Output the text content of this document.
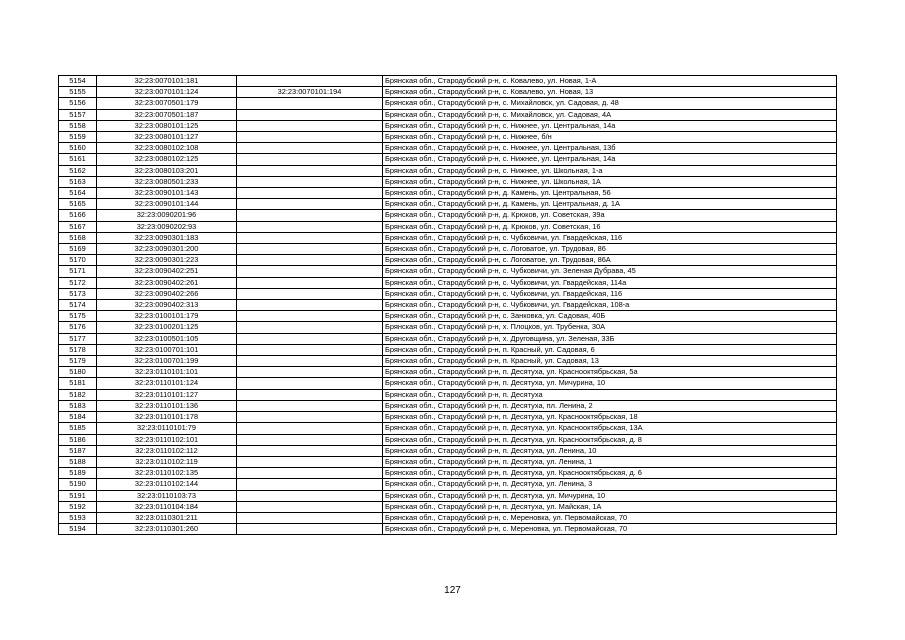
5154	32:23:0070101:181		Брянская обл., Стародубский р-н, с. Ковалево, ул. Новая, 1-А
5155	32:23:0070101:124	32:23:0070101:194	Брянская обл., Стародубский р-н, с. Ковалево, ул. Новая, 13
5156	32:23:0070501:179		Брянская обл., Стародубский р-н, с. Михайловск, ул. Садовая, д. 48
5157	32:23:0070501:187		Брянская обл., Стародубский р-н, с. Михайловск, ул. Садовая, 4А
5158	32:23:0080101:125		Брянская обл., Стародубский р-н, с. Нижнее, ул. Центральная, 14а
5159	32:23:0080101:127		Брянская обл., Стародубский р-н, с. Нижнее, б/н
5160	32:23:0080102:108		Брянская обл., Стародубский р-н, с. Нижнее, ул. Центральная, 13б
5161	32:23:0080102:125		Брянская обл., Стародубский р-н, с. Нижнее, ул. Центральная, 14а
5162	32:23:0080103:201		Брянская обл., Стародубский р-н, с. Нижнее, ул. Школьная, 1-а
5163	32:23:0080501:233		Брянская обл., Стародубский р-н, с. Нижнее, ул. Школьная, 1А
5164	32:23:0090101:143		Брянская обл., Стародубский р-н, д. Камень, ул. Центральная, 56
5165	32:23:0090101:144		Брянская обл., Стародубский р-н, д. Камень, ул. Центральная, д. 1А
5166	32:23:0090201:96		Брянская обл., Стародубский р-н, д. Крюков, ул. Советская, 39а
5167	32:23:0090202:93		Брянская обл., Стародубский р-н, д. Крюков, ул. Советская, 16
5168	32:23:0090301:183		Брянская обл., Стародубский р-н, с. Чубковичи, ул. Гвардейская, 116
5169	32:23:0090301:200		Брянская обл., Стародубский р-н, с. Логоватое, ул. Трудовая, 86
5170	32:23:0090301:223		Брянская обл., Стародубский р-н, с. Логоватое, ул. Трудовая, 86А
5171	32:23:0090402:251		Брянская обл., Стародубский р-н, с. Чубковичи, ул. Зеленая Дубрава, 45
5172	32:23:0090402:261		Брянская обл., Стародубский р-н, с. Чубковичи, ул. Гвардейская, 114а
5173	32:23:0090402:266		Брянская обл., Стародубский р-н, с. Чубковичи, ул. Гвардейская, 116
5174	32:23:0090402:313		Брянская обл., Стародубский р-н, с. Чубковичи, ул. Гвардейская, 108-а
5175	32:23:0100101:179		Брянская обл., Стародубский р-н, с. Занковка, ул. Садовая, 40Б
5176	32:23:0100201:125		Брянская обл., Стародубский р-н, х. Плоцков, ул. Трубенка, 30А
5177	32:23:0100501:105		Брянская обл., Стародубский р-н, х. Друговщина, ул. Зеленая, 33Б
5178	32:23:0100701:101		Брянская обл., Стародубский р-н, п. Красный, ул. Садовая, 6
5179	32:23:0100701:199		Брянская обл., Стародубский р-н, п. Красный, ул. Садовая, 13
5180	32:23:0110101:101		Брянская обл., Стародубский р-н, п. Десятуха, ул. Краснооктябрьская, 5а
5181	32:23:0110101:124		Брянская обл., Стародубский р-н, п. Десятуха, ул. Мичурина, 10
5182	32:23:0110101:127		Брянская обл., Стародубский р-н, п. Десятуха
5183	32:23:0110101:136		Брянская обл., Стародубский р-н, п. Десятуха, пл. Ленина, 2
5184	32:23:0110101:178		Брянская обл., Стародубский р-н, п. Десятуха, ул. Краснооктябрьская, 18
5185	32:23:0110101:79		Брянская обл., Стародубский р-н, п. Десятуха, ул. Краснооктябрьская, 13А
5186	32:23:0110102:101		Брянская обл., Стародубский р-н, п. Десятуха, ул. Краснооктябрьская, д. 8
5187	32:23:0110102:112		Брянская обл., Стародубский р-н, п. Десятуха, ул. Ленина, 10
5188	32:23:0110102:119		Брянская обл., Стародубский р-н, п. Десятуха, ул. Ленина, 1
5189	32:23:0110102:135		Брянская обл., Стародубский р-н, п. Десятуха, ул. Краснооктябрьская, д. 6
5190	32:23:0110102:144		Брянская обл., Стародубский р-н, п. Десятуха, ул. Ленина, 3
5191	32:23:0110103:73		Брянская обл., Стародубский р-н, п. Десятуха, ул. Мичурина, 10
5192	32:23:0110104:184		Брянская обл., Стародубский р-н, п. Десятуха, ул. Майская, 1А
5193	32:23:0110301:211		Брянская обл., Стародубский р-н, с. Мереновка, ул. Первомайская, 70
5194	32:23:0110301:260		Брянская обл., Стародубский р-н, с. Мереновка, ул. Первомайская, 70
127
